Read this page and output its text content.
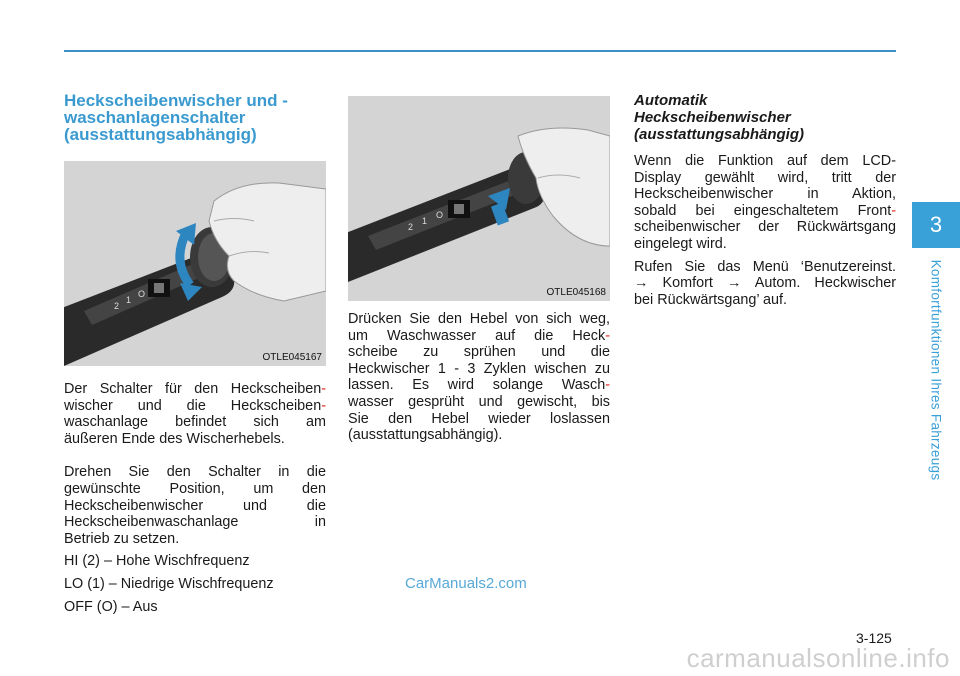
Heckscheibenwischer und -
waschanlagenschalter
(ausstattungsabhängig)
2
1
O
OTLE045167

Der Schalter für den Heckscheiben-
wischer und die Heckscheiben-
waschanlage befindet sich am
äußeren Ende des Wischerhebels.

Drehen Sie den Schalter in die
gewünschte Position, um den
Heckscheibenwischer und die
Heckscheibenwaschanlage in
Betrieb zu setzen.

HI (2) – Hohe Wischfrequenz

LO (1) – Niedrige Wischfrequenz

OFF (O) – Aus

2
1
O
OTLE045168

Drücken Sie den Hebel von sich weg,
um Waschwasser auf die Heck-
scheibe zu sprühen und die
Heckwischer 1 - 3 Zyklen wischen zu
lassen. Es wird solange Wasch-
wasser gesprüht und gewischt, bis
Sie den Hebel wieder loslassen
(ausstattungsabhängig).

Automatik
Heckscheibenwischer
(ausstattungsabhängig)

Wenn die Funktion auf dem LCD-
Display gewählt wird, tritt der
Heckscheibenwischer in Aktion,
sobald bei eingeschaltetem Front-
scheibenwischer der Rückwärtsgang
eingelegt wird.

Rufen Sie das Menü ‘Benutzereinst.
→ Komfort → Autom. Heckwischer
bei Rückwärtsgang’ auf.

3
Komfortfunktionen Ihres Fahrzeugs
3-125
CarManuals2.com
carmanualsonline.info
